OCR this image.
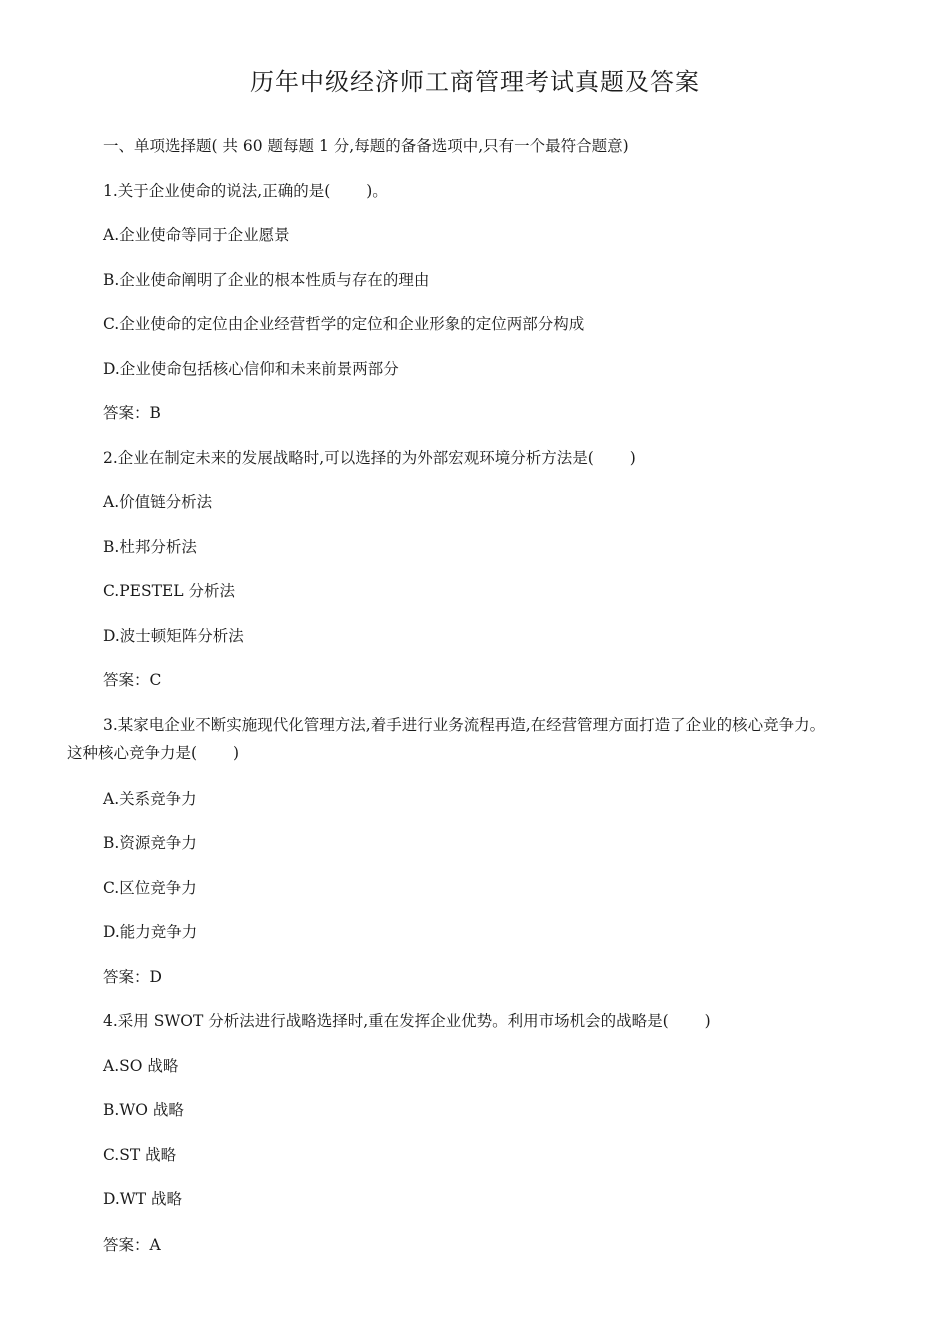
历年中级经济师工商管理考试真题及答案
一、单项选择题( 共 60 题每题 1 分,每题的备备选项中,只有一个最符合题意)
1.关于企业使命的说法,正确的是(　　 )。
A.企业使命等同于企业愿景
B.企业使命阐明了企业的根本性质与存在的理由
C.企业使命的定位由企业经营哲学的定位和企业形象的定位两部分构成
D.企业使命包括核心信仰和未来前景两部分
答案：B
2.企业在制定未来的发展战略时,可以选择的为外部宏观环境分析方法是(　　 )
A.价值链分析法
B.杜邦分析法
C.PESTEL 分析法
D.波士顿矩阵分析法
答案：C
3.某家电企业不断实施现代化管理方法,着手进行业务流程再造,在经营管理方面打造了企业的核心竞争力。
这种核心竞争力是(　　 )
A.关系竞争力
B.资源竞争力
C.区位竞争力
D.能力竞争力
答案：D
4.采用 SWOT 分析法进行战略选择时,重在发挥企业优势。利用市场机会的战略是(　　 )
A.SO 战略
B.WO 战略
C.ST 战略
D.WT 战略
答案：A
